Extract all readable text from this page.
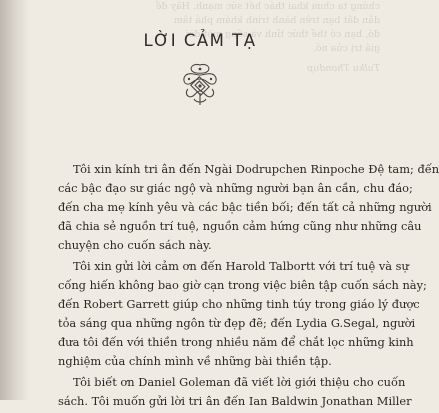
chúng ta chưa khai thác hết sức mạnh. Hãy để

dẫn dắt bạn trên hành trình khám phá tâm

đó, bạn có thể thức tỉnh và sống một đời

giá trị của nó.

Tulku Thondup

LỜI CẢM TẠ

Tôi xin kính tri ân đến Ngài Dodrupchen Rinpoche Đệ tam; đến
các bậc đạo sư giác ngộ và những người bạn ân cần, chu đáo;
đến cha mẹ kính yêu và các bậc tiền bối; đến tất cả những người
đã chia sẻ nguồn trí tuệ, nguồn cảm hứng cũng như những câu
chuyện cho cuốn sách này.

Tôi xin gửi lời cảm ơn đến Harold Talbortt với trí tuệ và sự
cống hiến không bao giờ cạn trong việc biên tập cuốn sách này;
đến Robert Garrett giúp cho những tinh túy trong giáo lý được
tỏa sáng qua những ngôn từ đẹp đẽ; đến Lydia G.Segal, người
đưa tôi đến với thiền trong nhiều năm để chắt lọc những kinh
nghiệm của chính mình về những bài thiền tập.

Tôi biết ơn Daniel Goleman đã viết lời giới thiệu cho cuốn
sách. Tôi muốn gửi lời tri ân đến Ian Baldwin Jonathan Miller
